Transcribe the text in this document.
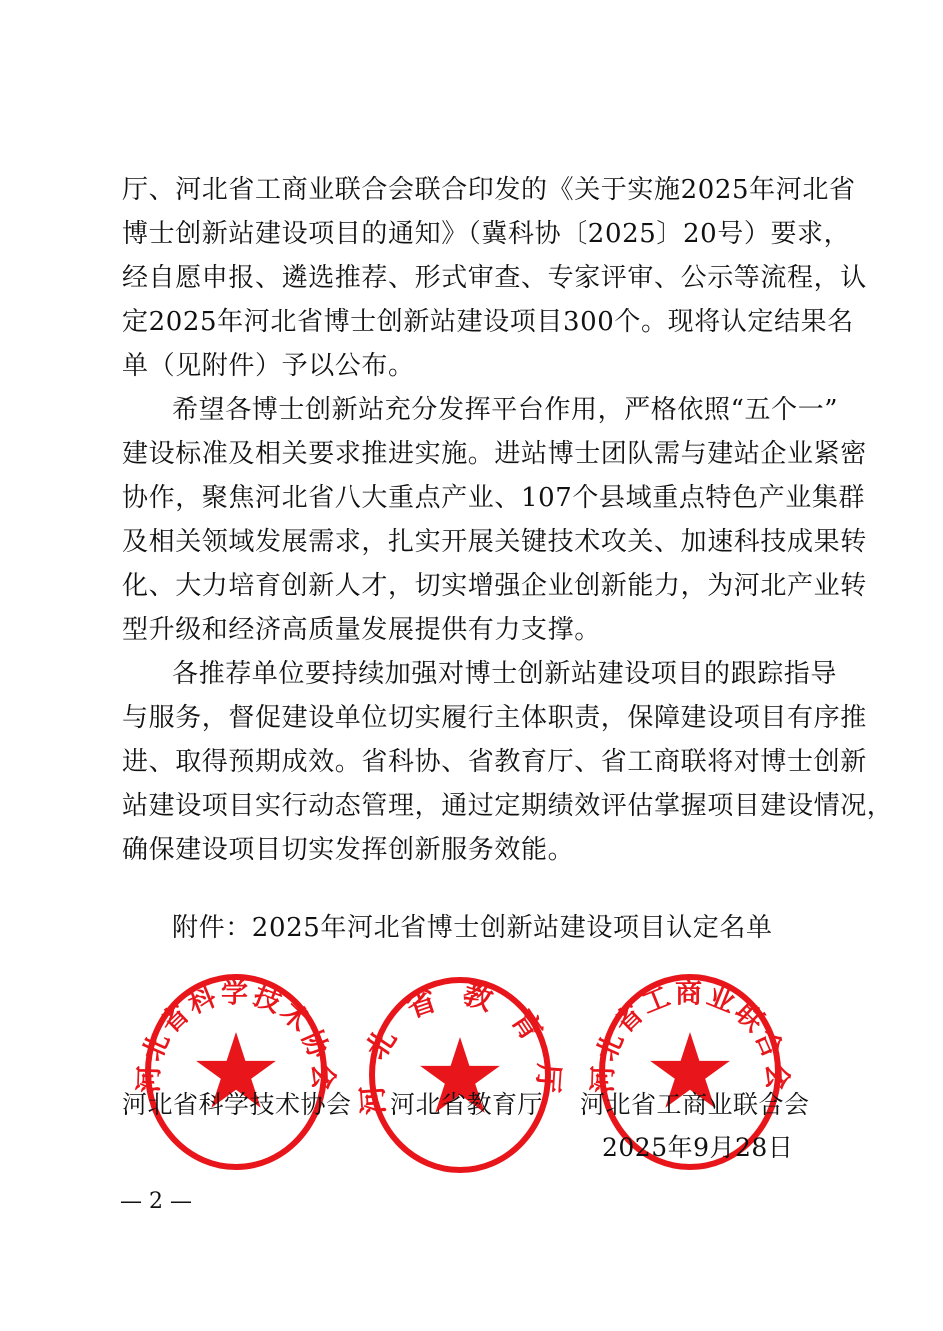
厅、河北省工商业联合会联合印发的《关于实施2025年河北省
博士创新站建设项目的通知》（冀科协〔2025〕20号）要求，
经自愿申报、遴选推荐、形式审查、专家评审、公示等流程，认
定2025年河北省博士创新站建设项目300个。现将认定结果名
单（见附件）予以公布。
希望各博士创新站充分发挥平台作用，严格依照“五个一”
建设标准及相关要求推进实施。进站博士团队需与建站企业紧密
协作，聚焦河北省八大重点产业、107个县域重点特色产业集群
及相关领域发展需求，扎实开展关键技术攻关、加速科技成果转
化、大力培育创新人才，切实增强企业创新能力，为河北产业转
型升级和经济高质量发展提供有力支撑。
各推荐单位要持续加强对博士创新站建设项目的跟踪指导
与服务，督促建设单位切实履行主体职责，保障建设项目有序推
进、取得预期成效。省科协、省教育厅、省工商联将对博士创新
站建设项目实行动态管理，通过定期绩效评估掌握项目建设情况，
确保建设项目切实发挥创新服务效能。
附件：2025年河北省博士创新站建设项目认定名单
河北省科学技术协会 河北省教育厅 河北省工商业联合会
河北省科学技术协会 河北省教育厅 河北省工商业联合会
2025年9月28日
— 2 —
